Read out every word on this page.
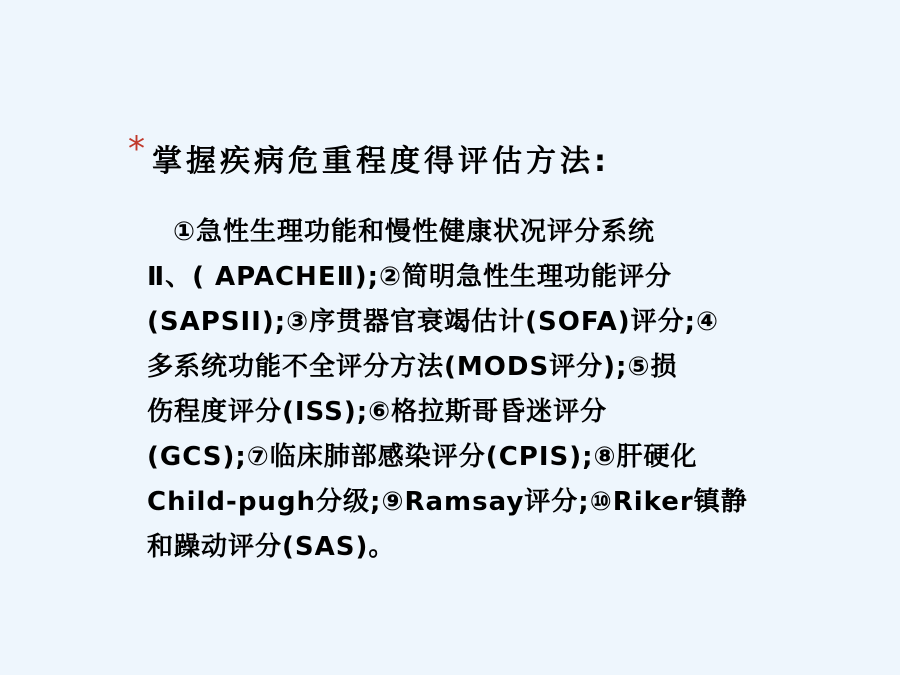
* 掌握疾病危重程度得评估方法:
①急性生理功能和慢性健康状况评分系统
Ⅱ、( APACHEⅡ);②简明急性生理功能评分
(SAPSII);③序贯器官衰竭估计(SOFA)评分;④
多系统功能不全评分方法(MODS评分);⑤损
伤程度评分(ISS);⑥格拉斯哥昏迷评分
(GCS);⑦临床肺部感染评分(CPIS);⑧肝硬化
Child-pugh分级;⑨Ramsay评分;⑩Riker镇静
和躁动评分(SAS)。
